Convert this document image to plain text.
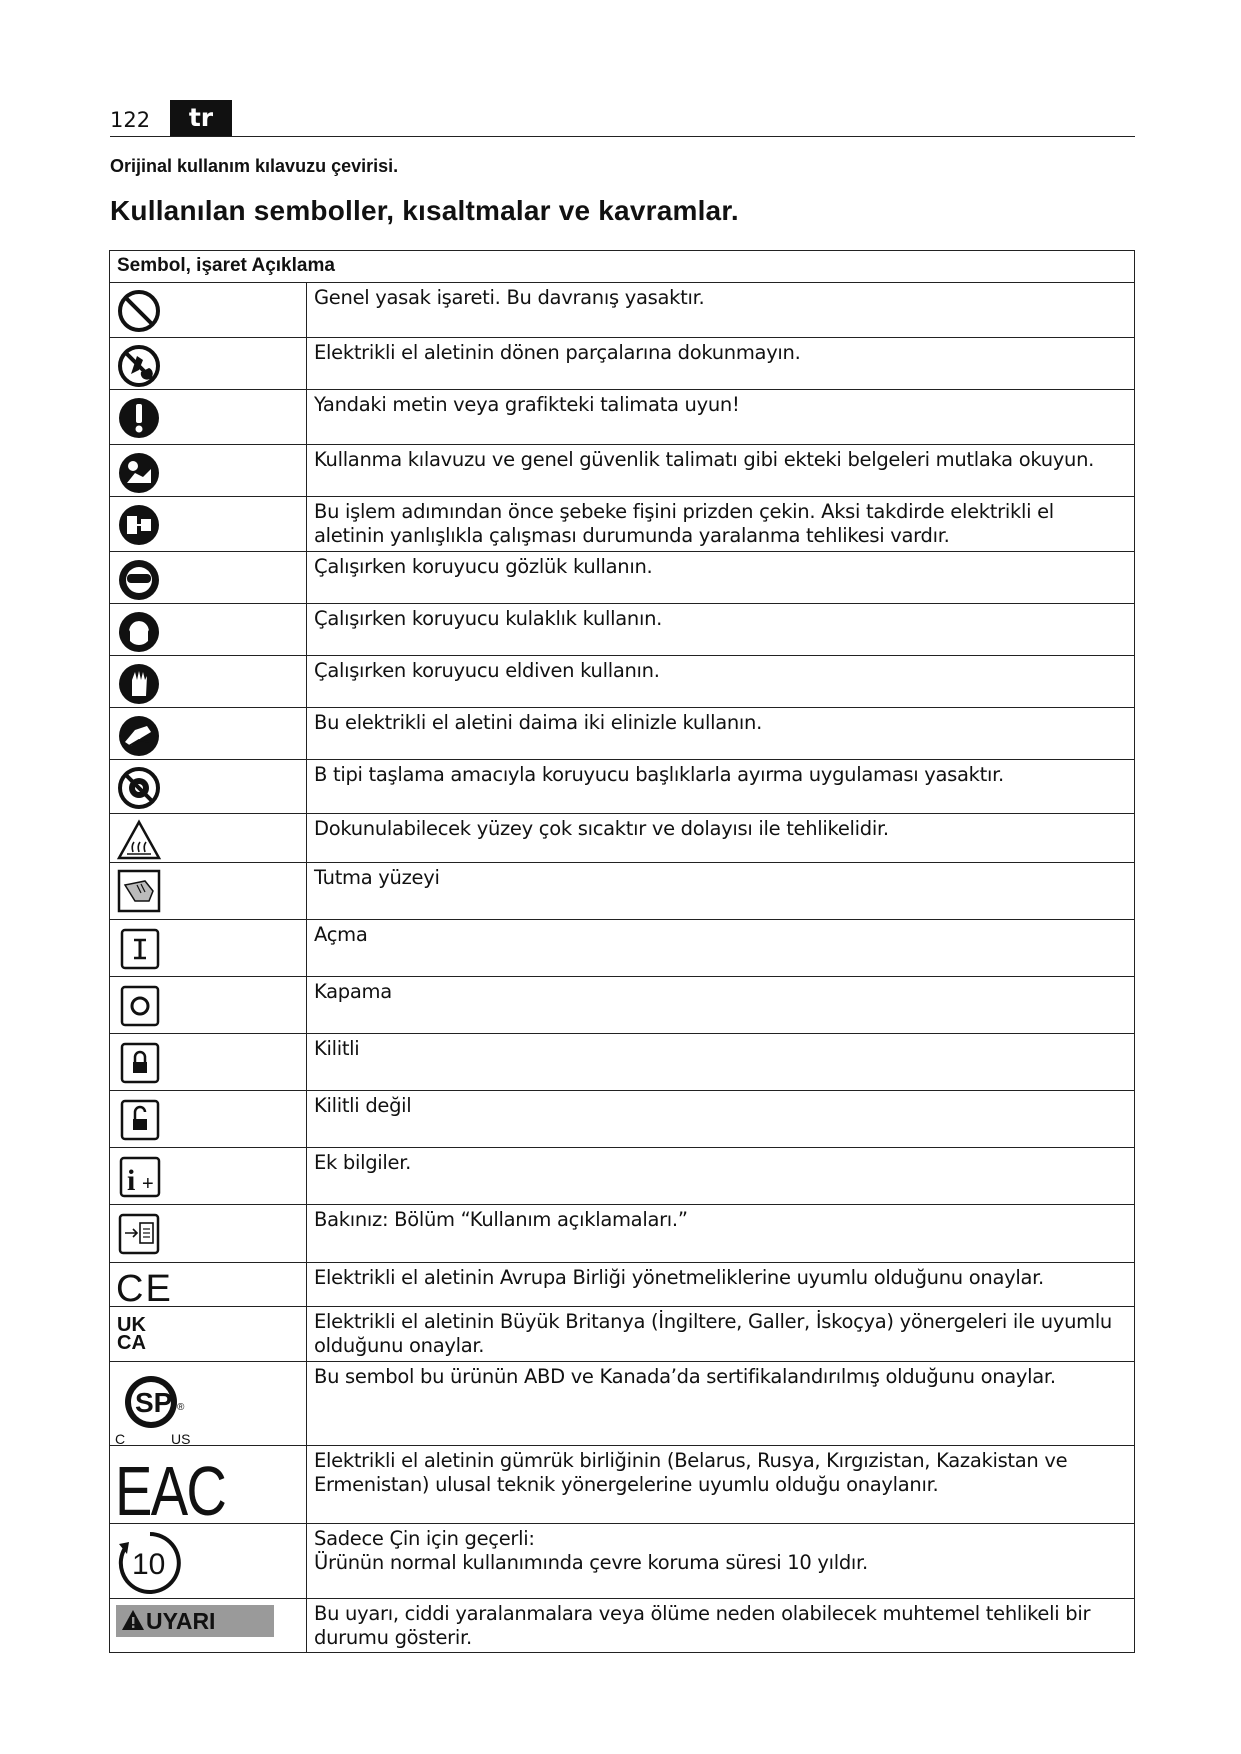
122	tr
Orijinal kullanım kılavuzu çevirisi.
Kullanılan semboller, kısaltmalar ve kavramlar.
Sembol, işaret Açıklama	

	Genel yasak işareti. Bu davranış yasaktır.

	Elektrikli el aletinin dönen parçalarına dokunmayın.

	Yandaki metin veya grafikteki talimata uyun!

	Kullanma kılavuzu ve genel güvenlik talimatı gibi ekteki belgeleri mutlaka okuyun.

	Bu işlem adımından önce şebeke fişini prizden çekin. Aksi takdirde elektrikli el aletinin yanlışlıkla çalışması durumunda yaralanma tehlikesi vardır.

	Çalışırken koruyucu gözlük kullanın.

	Çalışırken koruyucu kulaklık kullanın.

	Çalışırken koruyucu eldiven kullanın.

	Bu elektrikli el aletini daima iki elinizle kullanın.

	B tipi taşlama amacıyla koruyucu başlıklarla ayırma uygulaması yasaktır.

	Dokunulabilecek yüzey çok sıcaktır ve dolayısı ile tehlikelidir.

	Tutma yüzeyi

	Açma

	Kapama

	Kilitli

	Kilitli değil

i +	Ek bilgiler.

	Bakınız: Bölüm “Kullanım açıklamaları.”

CE	Elektrikli el aletinin Avrupa Birliği yönetmeliklerine uyumlu olduğunu onaylar.

UK
CA	Elektrikli el aletinin Büyük Britanya (İngiltere, Galler, İskoçya) yönergeleri ile uyumlu olduğunu onaylar.

SP
C US
®	Bu sembol bu ürünün ABD ve Kanada’da sertifikalandırılmış olduğunu onaylar.

EAC	Elektrikli el aletinin gümrük birliğinin (Belarus, Rusya, Kırgızistan, Kazakistan ve Ermenistan) ulusal teknik yönergelerine uyumlu olduğu onaylanır.

10	Sadece Çin için geçerli:
Ürünün normal kullanımında çevre koruma süresi 10 yıldır.

UYARI	Bu uyarı, ciddi yaralanmalara veya ölüme neden olabilecek muhtemel tehlikeli bir durumu gösterir.
